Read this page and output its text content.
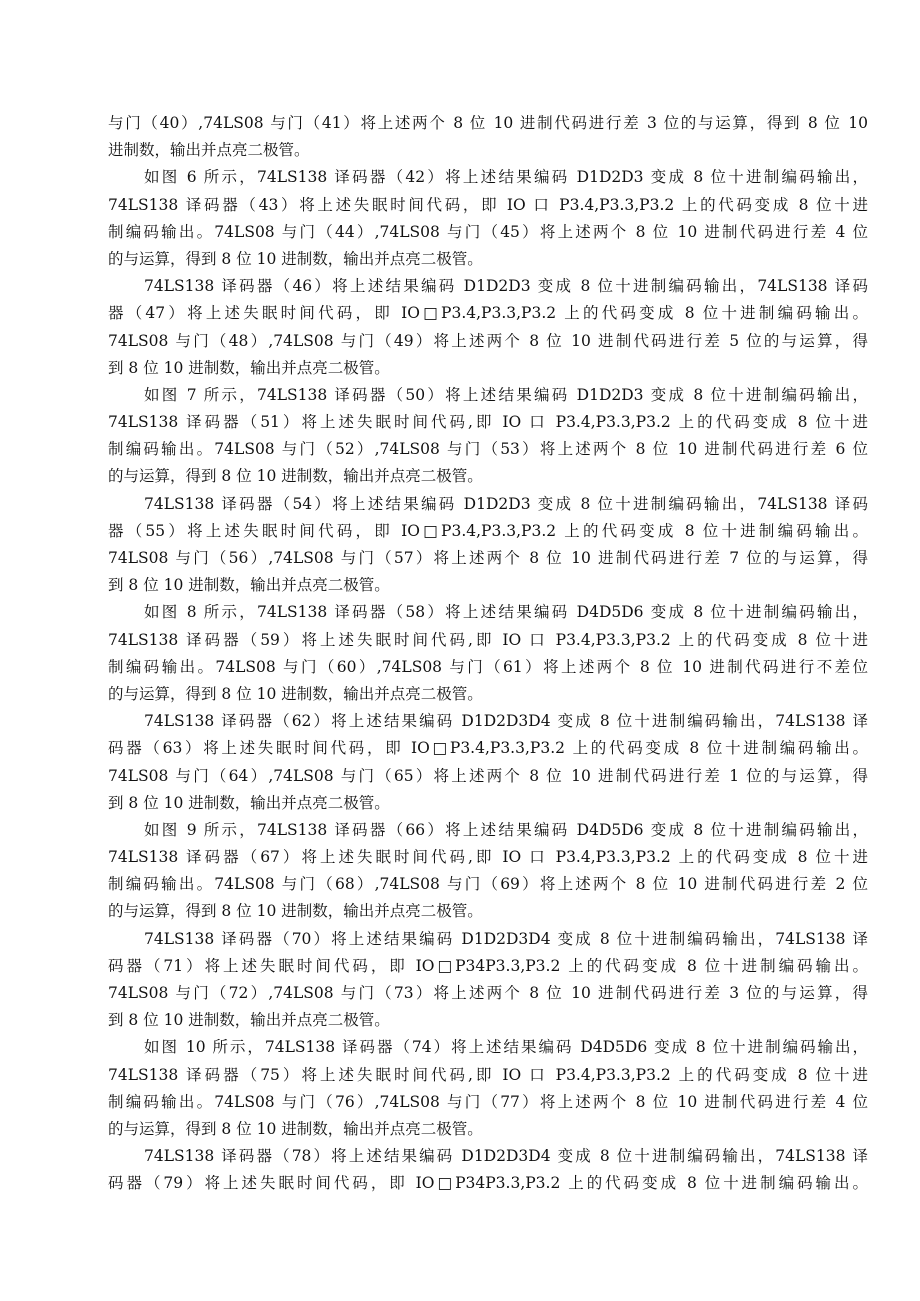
与门（40）,74LS08 与门（41）将上述两个 8 位 10 进制代码进行差 3 位的与运算，得到 8 位 10
进制数，输出并点亮二极管。
如图 6 所示，74LS138 译码器（42）将上述结果编码 D1D2D3 变成 8 位十进制编码输出，
74LS138 译码器（43）将上述失眠时间代码，即 IO 口 P3.4,P3.3,P3.2 上的代码变成 8 位十进
制编码输出。74LS08 与门（44）,74LS08 与门（45）将上述两个 8 位 10 进制代码进行差 4 位
的与运算，得到 8 位 10 进制数，输出并点亮二极管。
74LS138 译码器（46）将上述结果编码 D1D2D3 变成 8 位十进制编码输出，74LS138 译码
器（47）将上述失眠时间代码，即 IO□P3.4,P3.3,P3.2 上的代码变成 8 位十进制编码输出。
74LS08 与门（48）,74LS08 与门（49）将上述两个 8 位 10 进制代码进行差 5 位的与运算，得
到 8 位 10 进制数，输出并点亮二极管。
如图 7 所示，74LS138 译码器（50）将上述结果编码 D1D2D3 变成 8 位十进制编码输出，
74LS138 译码器（51）将上述失眠时间代码,即 IO 口 P3.4,P3.3,P3.2 上的代码变成 8 位十进
制编码输出。74LS08 与门（52）,74LS08 与门（53）将上述两个 8 位 10 进制代码进行差 6 位
的与运算，得到 8 位 10 进制数，输出并点亮二极管。
74LS138 译码器（54）将上述结果编码 D1D2D3 变成 8 位十进制编码输出，74LS138 译码
器（55）将上述失眠时间代码，即 IO□P3.4,P3.3,P3.2 上的代码变成 8 位十进制编码输出。
74LS08 与门（56）,74LS08 与门（57）将上述两个 8 位 10 进制代码进行差 7 位的与运算，得
到 8 位 10 进制数，输出并点亮二极管。
如图 8 所示，74LS138 译码器（58）将上述结果编码 D4D5D6 变成 8 位十进制编码输出，
74LS138 译码器（59）将上述失眠时间代码,即 IO 口 P3.4,P3.3,P3.2 上的代码变成 8 位十进
制编码输出。74LS08 与门（60）,74LS08 与门（61）将上述两个 8 位 10 进制代码进行不差位
的与运算，得到 8 位 10 进制数，输出并点亮二极管。
74LS138 译码器（62）将上述结果编码 D1D2D3D4 变成 8 位十进制编码输出，74LS138 译
码器（63）将上述失眠时间代码，即 IO□P3.4,P3.3,P3.2 上的代码变成 8 位十进制编码输出。
74LS08 与门（64）,74LS08 与门（65）将上述两个 8 位 10 进制代码进行差 1 位的与运算，得
到 8 位 10 进制数，输出并点亮二极管。
如图 9 所示，74LS138 译码器（66）将上述结果编码 D4D5D6 变成 8 位十进制编码输出，
74LS138 译码器（67）将上述失眠时间代码,即 IO 口 P3.4,P3.3,P3.2 上的代码变成 8 位十进
制编码输出。74LS08 与门（68）,74LS08 与门（69）将上述两个 8 位 10 进制代码进行差 2 位
的与运算，得到 8 位 10 进制数，输出并点亮二极管。
74LS138 译码器（70）将上述结果编码 D1D2D3D4 变成 8 位十进制编码输出，74LS138 译
码器（71）将上述失眠时间代码，即 IO□P34P3.3,P3.2 上的代码变成 8 位十进制编码输出。
74LS08 与门（72）,74LS08 与门（73）将上述两个 8 位 10 进制代码进行差 3 位的与运算，得
到 8 位 10 进制数，输出并点亮二极管。
如图 10 所示，74LS138 译码器（74）将上述结果编码 D4D5D6 变成 8 位十进制编码输出，
74LS138 译码器（75）将上述失眠时间代码,即 IO 口 P3.4,P3.3,P3.2 上的代码变成 8 位十进
制编码输出。74LS08 与门（76）,74LS08 与门（77）将上述两个 8 位 10 进制代码进行差 4 位
的与运算，得到 8 位 10 进制数，输出并点亮二极管。
74LS138 译码器（78）将上述结果编码 D1D2D3D4 变成 8 位十进制编码输出，74LS138 译
码器（79）将上述失眠时间代码，即 IO□P34P3.3,P3.2 上的代码变成 8 位十进制编码输出。
